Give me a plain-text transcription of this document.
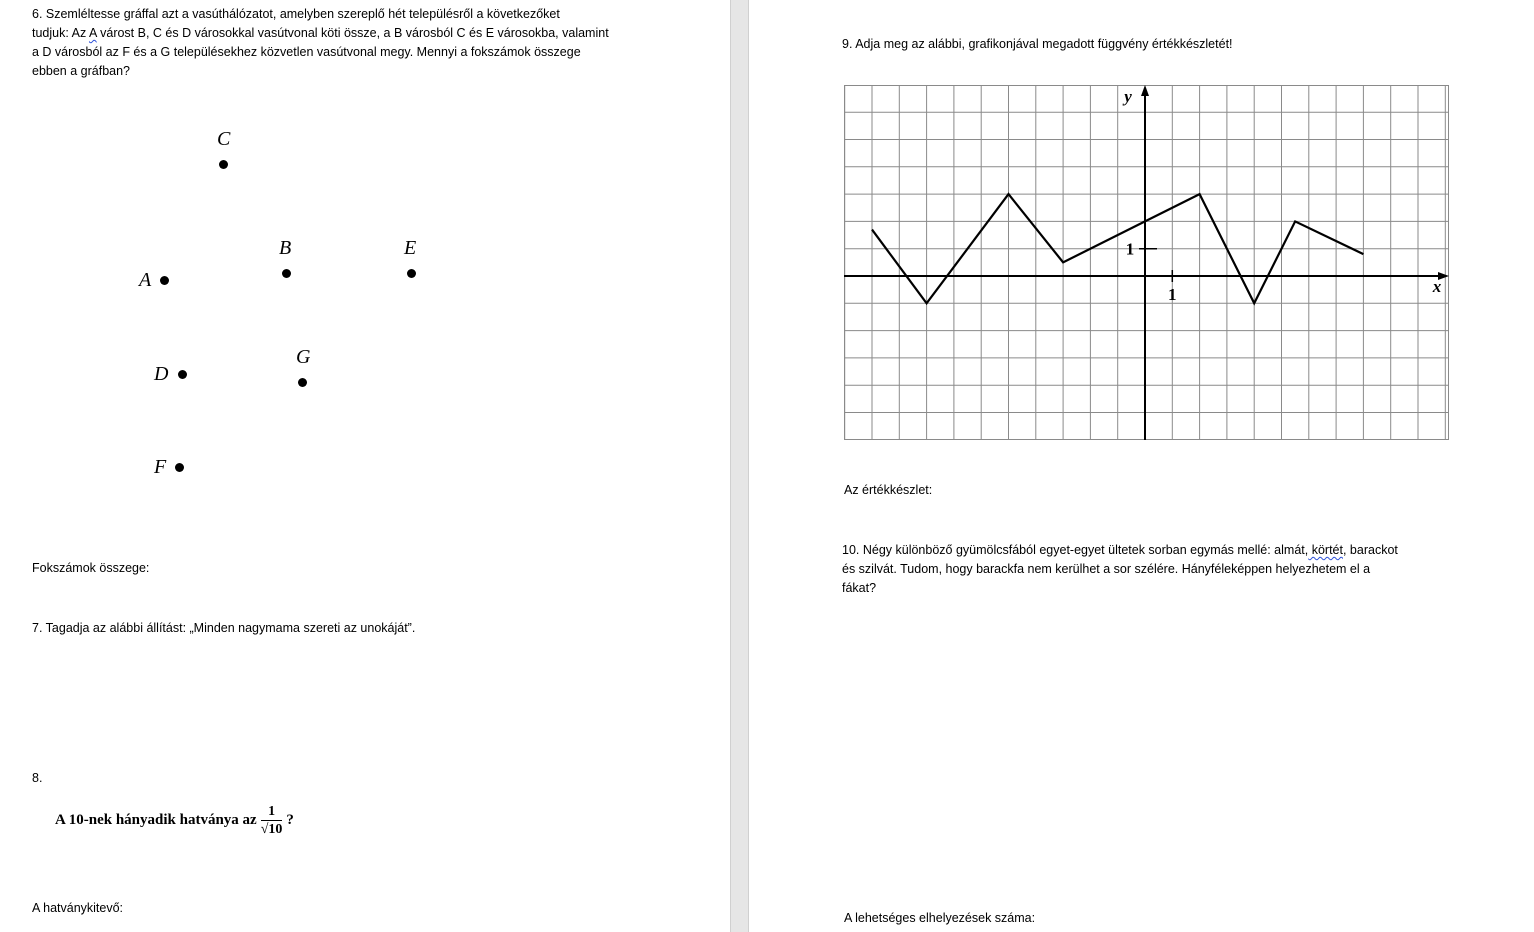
6. Szemléltesse gráffal azt a vasúthálózatot, amelyben szereplő hét településről a következőket
tudjuk: Az A várost B, C és D városokkal vasútvonal köti össze, a B városból C és E városokba, valamint
a D városból az F és a G településekhez közvetlen vasútvonal megy. Mennyi a fokszámok összege
ebben a gráfban?
C
B	E
A
G
D
F
Fokszámok összege:
7. Tagadja az alábbi állítást: „Minden nagymama szereti az unokáját”.
8.
A 10-nek hányadik hatványa az $\frac{1}{√10}$ ?
A hatványkitevő:
9. Adja meg az alábbi, grafikonjával megadott függvény értékkészletét!
1
1
x
y
Az értékkészlet:
10. Négy különböző gyümölcsfából egyet-egyet ültetek sorban egymás mellé: almát, körtét, barackot
és szilvát. Tudom, hogy barackfa nem kerülhet a sor szélére. Hányféleképpen helyezhetem el a
fákat?
A lehetséges elhelyezések száma:
